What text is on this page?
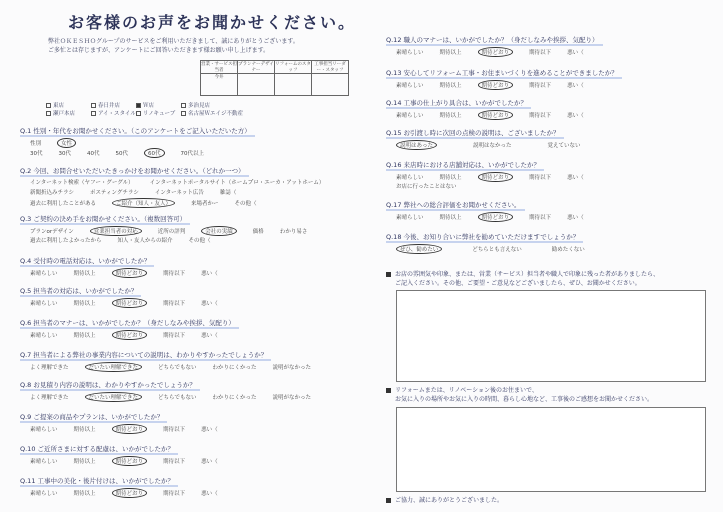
お客様のお声をお聞かせください。
弊社ＯＫＥＳＨＯグループのサービスをご利用いただきまして、誠にありがとうございます。
ご多忙とは存じますが、アンケートにご回答いただきます様お願い申し上げます。
営業・サービス担当者	プランナーデザイナー	リフォームのスタッフ	工事担当リーダー・スタッフ
今井			
東店	春日井店	Ｗ店	多治見店
瀬戸本店	アイ・スタイル リノキューブ 名古屋Ｗエイジ不動産
Q.1 性別・年代をお聞かせください。（このアンケートをご記入いただいた方）
性別	女性
30代	30代	40代	50代	60代	70代以上
Q.2 今回、お問合せいただいたきっかけをお聞かせください。（どれか一つ）
インターネット検索（ヤフー・グーグル）	インターネットポータルサイト（ホームプロ・エーカ・アットホーム）
新聞折込みチラシ	ポスティングチラシ	インターネット広告	雑誌（
過去に利用したことがある	ご紹介（知人・友人）	来場者かー	その他（
Q.3 ご契約の決め手をお聞かせください。（複数回答可）
プランorデザイン	営業担当者の対応	近所の評判	会社の実績	価格	わかり易さ
過去に利用したよかったから	知人・友人からの紹介	その他（
Q.4 受付時の電話対応は、いかがでしたか？
素晴らしい	期待以上	期待どおり	期待以下	悪い（
Q.5 担当者の対応は、いかがでしたか？
素晴らしい	期待以上	期待どおり	期待以下	悪い（
Q.6 担当者のマナーは、いかがでしたか？（身だしなみや挨拶、気配り）
素晴らしい	期待以上	期待どおり	期待以下	悪い（
Q.7 担当者による弊社の事業内容についての説明は、わかりやすかったでしょうか？
よく理解できた	だいたい理解できた	どちらでもない	わかりにくかった	説明がなかった
Q.8 お見積り内容の説明は、わかりやすかったでしょうか？
よく理解できた	だいたい理解できた	どちらでもない	わかりにくかった	説明がなかった
Q.9 ご提案の商品やプランは、いかがでしたか？
素晴らしい	期待以上	期待どおり	期待以下	悪い（
Q.10 ご近所さまに対する配慮は、いかがでしたか？
素晴らしい	期待以上	期待どおり	期待以下	悪い（
Q.11 工事中の美化・後片付けは、いかがでしたか？
素晴らしい	期待以上	期待どおり	期待以下	悪い（
Q.12 職人のマナーは、いかがでしたか？（身だしなみや挨拶、気配り）
素晴らしい	期待以上	期待どおり	期待以下	悪い（
Q.13 安心してリフォーム工事・お住まいづくりを進めることができましたか？
素晴らしい	期待以上	期待どおり	期待以下	悪い（
Q.14 工事の仕上がり具合は、いかがでしたか？
素晴らしい	期待以上	期待どおり	期待以下	悪い（
Q.15 お引渡し時に次回の点検の説明は、ございましたか？
説明はあった	説明はなかった	覚えていない
Q.16 来店時における店舗対応は、いかがでしたか？
素晴らしい	期待以上	期待どおり	期待以下	悪い（
お店に行ったことはない
Q.17 弊社への総合評価をお聞かせください。
素晴らしい	期待以上	期待どおり	期待以下	悪い（
Q.18 今後、お知り合いに弊社を勧めていただけますでしょうか？
ぜひ、勧めたい	どちらとも言えない	勧めたくない
お店の雰囲気や印象、または、営業（サービス）担当者や職人で印象に残った者がありましたら、
ご記入ください。その他、ご要望・ご意見などございましたら、ぜひ、お聞かせください。
リフォームまたは、リノベーション後のお住まいで、
お気に入りの場所やお気に入りの時間、暮らし心地など、工事後のご感想をお聞かせください。
ご協力、誠にありがとうございました。
